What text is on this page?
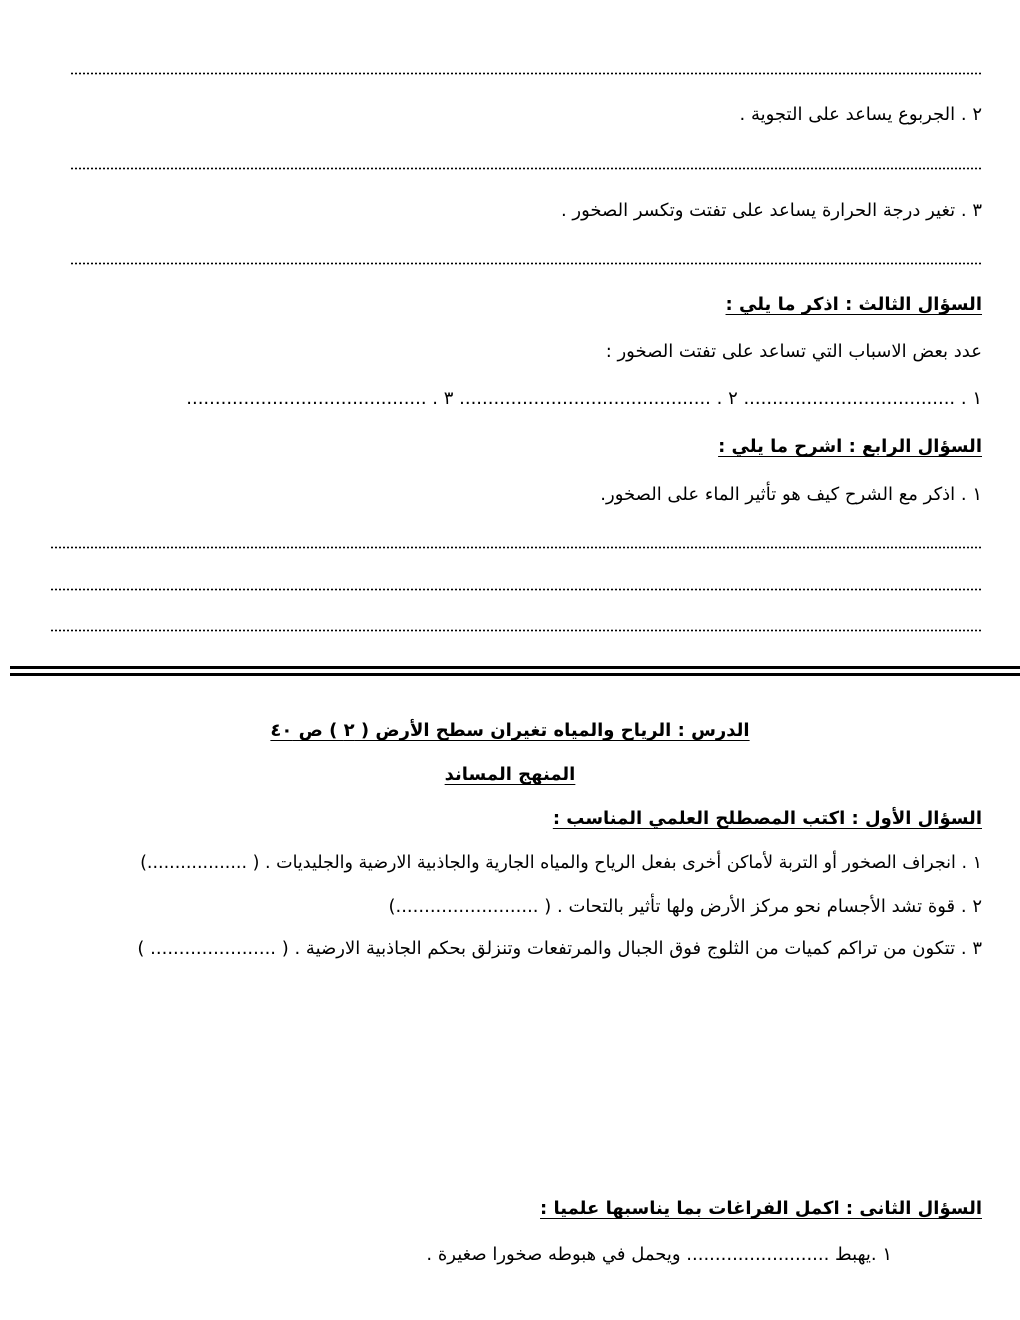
٢ . الجربوع يساعد على التجوية .
٣ . تغير درجة الحرارة يساعد على تفتت وتكسر الصخور .
السؤال الثالث : اذكر ما يلي :
عدد بعض الاسباب التي تساعد على تفتت الصخور :
١ . ..................................... ٢ . ............................................ ٣ . ..........................................
السؤال الرابع : اشرح ما يلي :
١ . اذكر مع الشرح كيف هو تأثير الماء على الصخور.
الدرس : الرياح والمياه تغيران سطح الأرض ( ٢ ) ص ٤٠
المنهج المساند
السؤال الأول : اكتب المصطلح العلمي المناسب :
١ . انجراف الصخور أو التربة لأماكن أخرى بفعل الرياح والمياه الجارية والجاذبية الارضية والجليديات . ( ..................)
٢ . قوة تشد الأجسام نحو مركز الأرض ولها تأثير بالتحات . ( .........................)
٣ . تتكون من تراكم كميات من الثلوج فوق الجبال والمرتفعات وتنزلق بحكم الجاذبية الارضية . ( ...................... )
السؤال الثانى : اكمل الفراغات بما يناسبها علميا :
١ .يهبط ......................... ويحمل في هبوطه صخورا صغيرة .
